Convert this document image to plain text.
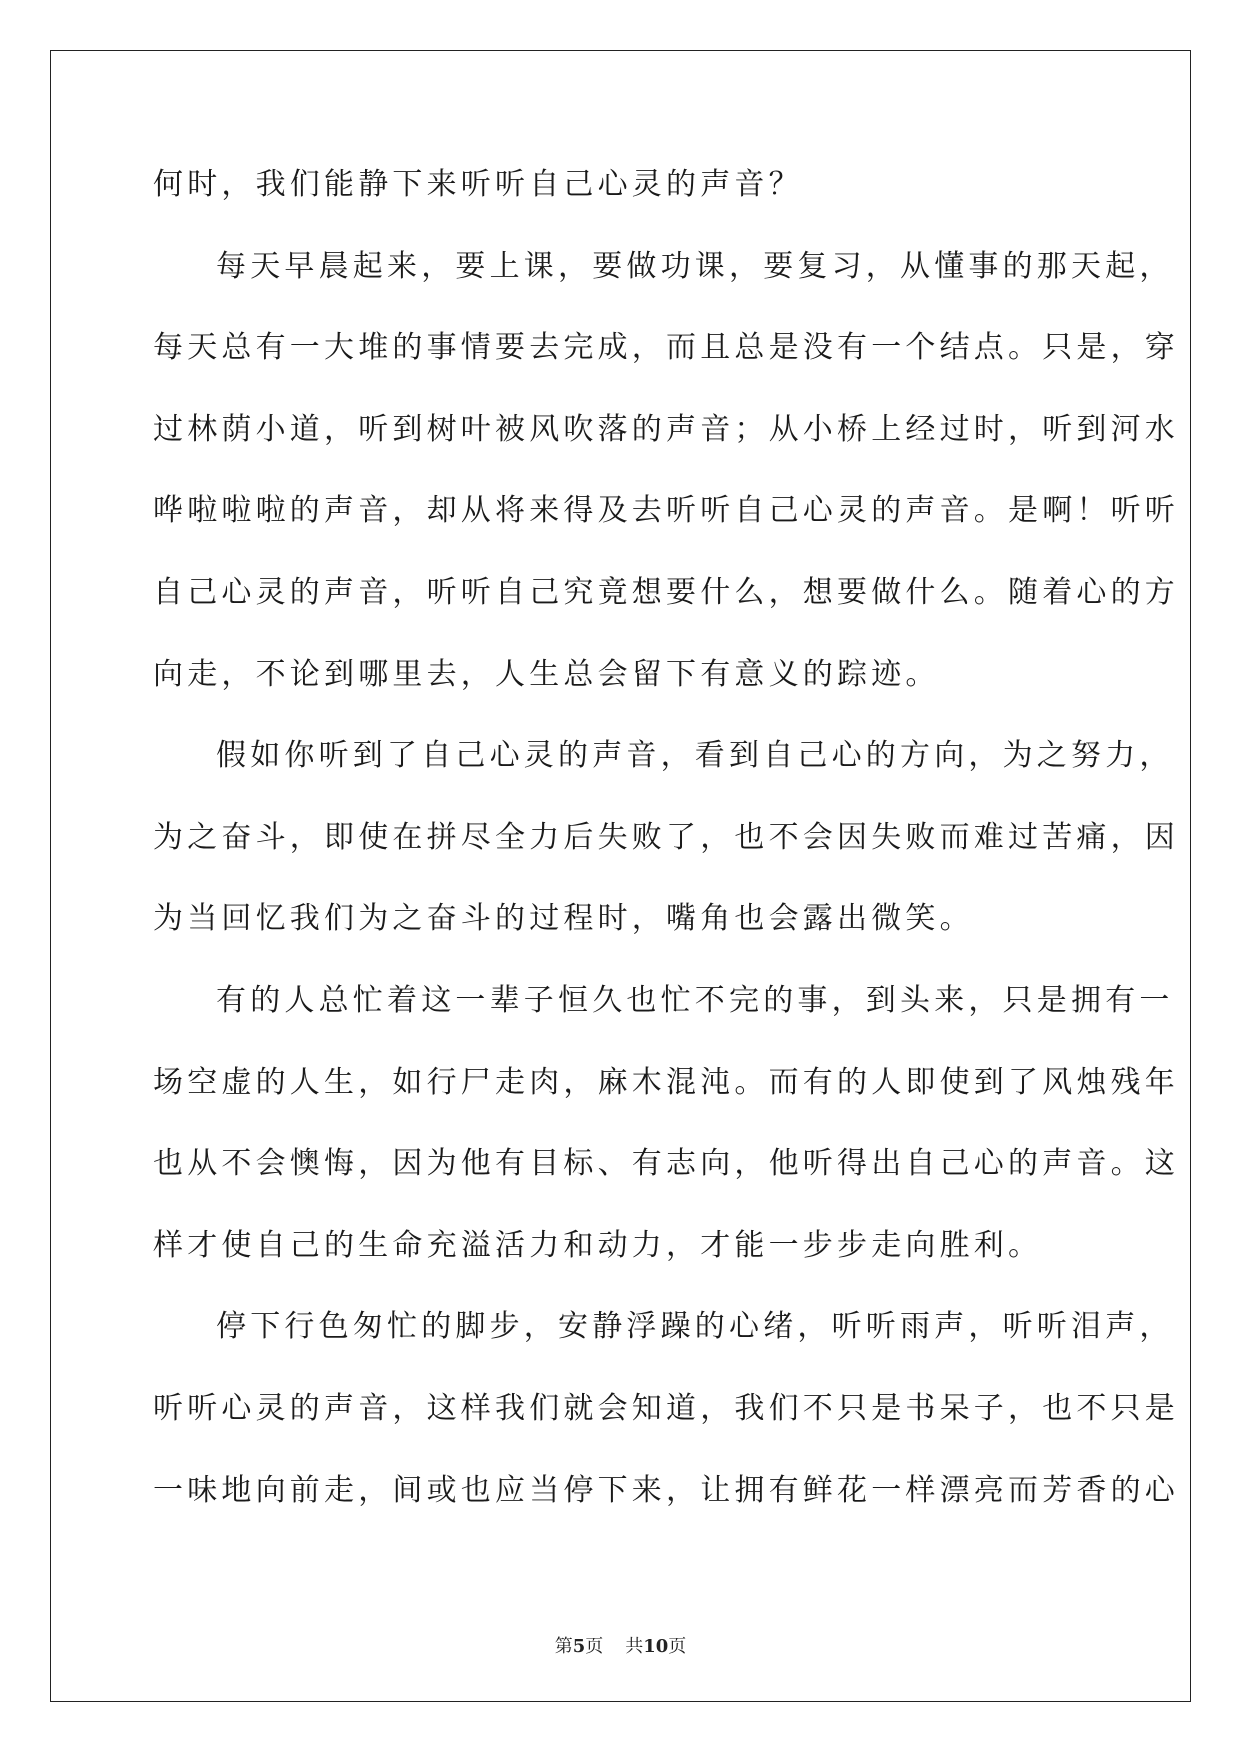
何时，我们能静下来听听自己心灵的声音？
每天早晨起来，要上课，要做功课，要复习，从懂事的那天起，
每天总有一大堆的事情要去完成，而且总是没有一个结点。只是，穿
过林荫小道，听到树叶被风吹落的声音；从小桥上经过时，听到河水
哗啦啦啦的声音，却从将来得及去听听自己心灵的声音。是啊！听听
自己心灵的声音，听听自己究竟想要什么，想要做什么。随着心的方
向走，不论到哪里去，人生总会留下有意义的踪迹。
假如你听到了自己心灵的声音，看到自己心的方向，为之努力，
为之奋斗，即使在拼尽全力后失败了，也不会因失败而难过苦痛，因
为当回忆我们为之奋斗的过程时，嘴角也会露出微笑。
有的人总忙着这一辈子恒久也忙不完的事，到头来，只是拥有一
场空虚的人生，如行尸走肉，麻木混沌。而有的人即使到了风烛残年
也从不会懊悔，因为他有目标、有志向，他听得出自己心的声音。这
样才使自己的生命充溢活力和动力，才能一步步走向胜利。
停下行色匆忙的脚步，安静浮躁的心绪，听听雨声，听听泪声，
听听心灵的声音，这样我们就会知道，我们不只是书呆子，也不只是
一味地向前走，间或也应当停下来，让拥有鲜花一样漂亮而芳香的心
第5页 共10页
